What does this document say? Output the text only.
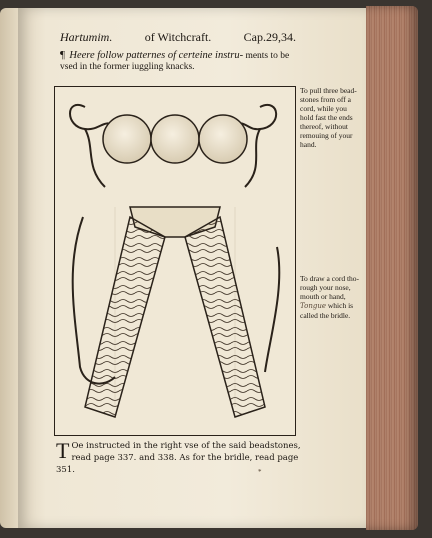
Hartumim.	of Witchcraft.	Cap.29,34.
¶ Heere follow patternes of certeine instru- ments to be vsed in the former iuggling knacks.
To pull three bead-stones from off a cord, while you hold fast the ends thereof, without remouing of your hand.
To draw a cord tho-rough your nose, mouth or hand, Tongue which is called the bridle.
T Oe instructed in the right vse of the said beadstones, read page 337. and 338. As for the bridle, read page 351.	*
